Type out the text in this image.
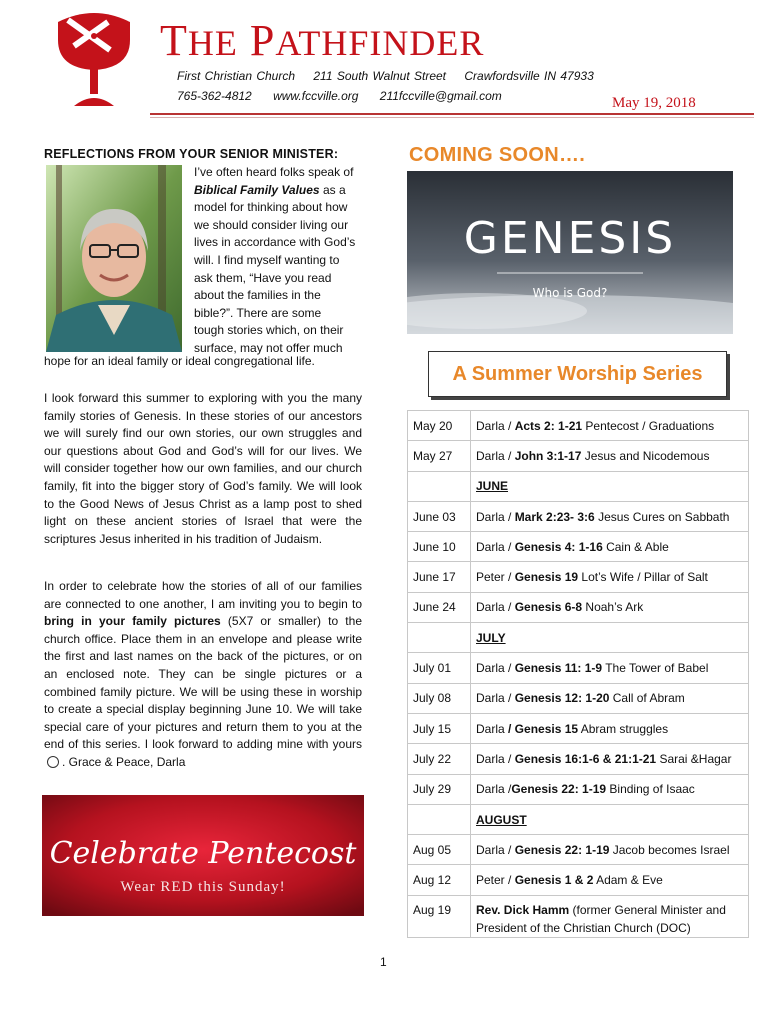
THE PATHFINDER
First Christian Church 211 South Walnut Street Crawfordsville IN 47933
765-362-4812 www.fccville.org 211fccville@gmail.com	May 19, 2018
REFLECTIONS FROM YOUR SENIOR MINISTER:
I’ve often heard folks speak of
Biblical Family Values as a
model for thinking about how
we should consider living our
lives in accordance with God’s
will. I find myself wanting to
ask them, “Have you read
about the families in the
bible?”. There are some
tough stories which, on their
surface, may not offer much
hope for an ideal family or ideal congregational life.
I look forward this summer to exploring with you the many family stories of Genesis. In these stories of our ancestors we will surely find our own stories, our own struggles and our questions about God and God’s will for our lives. We will consider together how our own families, and our church family, fit into the bigger story of God’s family. We will look to the Good News of Jesus Christ as a lamp post to shed light on these ancient stories of Israel that were the scriptures Jesus inherited in his tradition of Judaism.
In order to celebrate how the stories of all of our families are connected to one another, I am inviting you to begin to bring in your family pictures (5X7 or smaller) to the church office. Place them in an envelope and please write the first and last names on the back of the pictures, or on an enclosed note. They can be single pictures or a combined family picture. We will be using these in worship to create a special display beginning June 10. We will take special care of your pictures and return them to you at the end of this series. I look forward to adding mine with yours . Grace & Peace, Darla
Celebrate Pentecost
Wear RED this Sunday!
COMING SOON….
GENESIS
Who is God?
A Summer Worship Series
May 20	Darla / Acts 2: 1-21 Pentecost / Graduations
May 27	Darla / John 3:1-17 Jesus and Nicodemous
	JUNE
June 03	Darla / Mark 2:23- 3:6 Jesus Cures on Sabbath
June 10	Darla / Genesis 4: 1-16 Cain & Able
June 17	Peter / Genesis 19 Lot’s Wife / Pillar of Salt
June 24	Darla / Genesis 6-8 Noah’s Ark
	JULY
July 01	Darla / Genesis 11: 1-9 The Tower of Babel
July 08	Darla / Genesis 12: 1-20 Call of Abram
July 15	Darla / Genesis 15 Abram struggles
July 22	Darla / Genesis 16:1-6 & 21:1-21 Sarai &Hagar
July 29	Darla /Genesis 22: 1-19 Binding of Isaac
	AUGUST
Aug 05	Darla / Genesis 22: 1-19 Jacob becomes Israel
Aug 12	Peter / Genesis 1 & 2 Adam & Eve
Aug 19	Rev. Dick Hamm (former General Minister and President of the Christian Church (DOC)
1
